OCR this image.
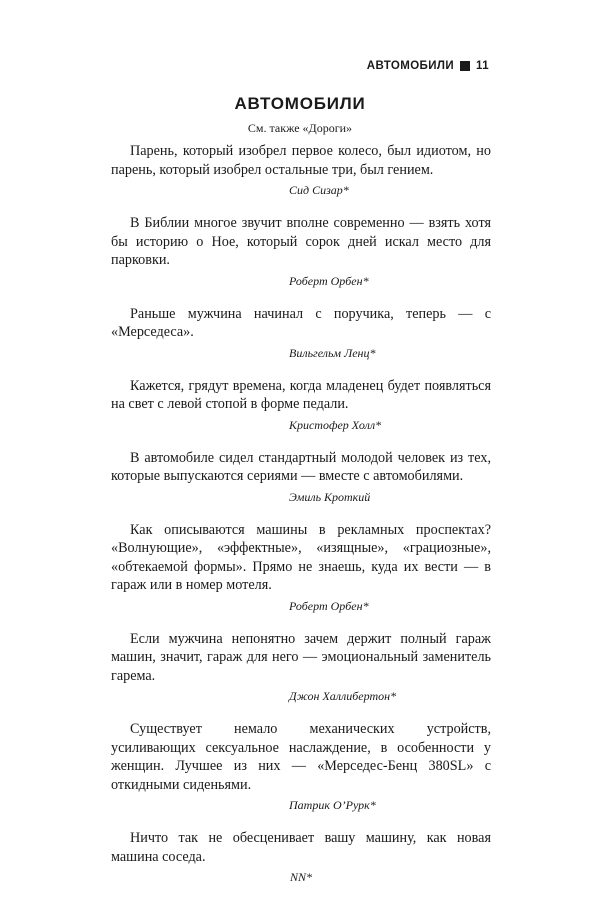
АВТОМОБИЛИ 11
АВТОМОБИЛИ
См. также «Дороги»

Парень, который изобрел первое колесо, был идиотом, но парень, который изобрел остальные три, был гением.

Сид Сизар*

В Библии многое звучит вполне современно — взять хотя бы историю о Ное, который сорок дней искал место для парковки.

Роберт Орбен*

Раньше мужчина начинал с поручика, теперь — с «Мерседеса».

Вильгельм Ленц*

Кажется, грядут времена, когда младенец будет появляться на свет с левой стопой в форме педали.

Кристофер Холл*

В автомобиле сидел стандартный молодой человек из тех, которые выпускаются сериями — вместе с автомобилями.

Эмиль Кроткий

Как описываются машины в рекламных проспектах? «Волнующие», «эффектные», «изящные», «грациозные», «обтекаемой формы». Прямо не знаешь, куда их вести — в гараж или в номер мотеля.

Роберт Орбен*

Если мужчина непонятно зачем держит полный гараж машин, значит, гараж для него — эмоциональный заменитель гарема.

Джон Халлибертон*

Существует немало механических устройств, усиливающих сексуальное наслаждение, в особенности у женщин. Лучшее из них — «Мерседес-Бенц 380SL» с откидными сиденьями.

Патрик О’Рурк*

Ничто так не обесценивает вашу машину, как новая машина соседа.

NN*
